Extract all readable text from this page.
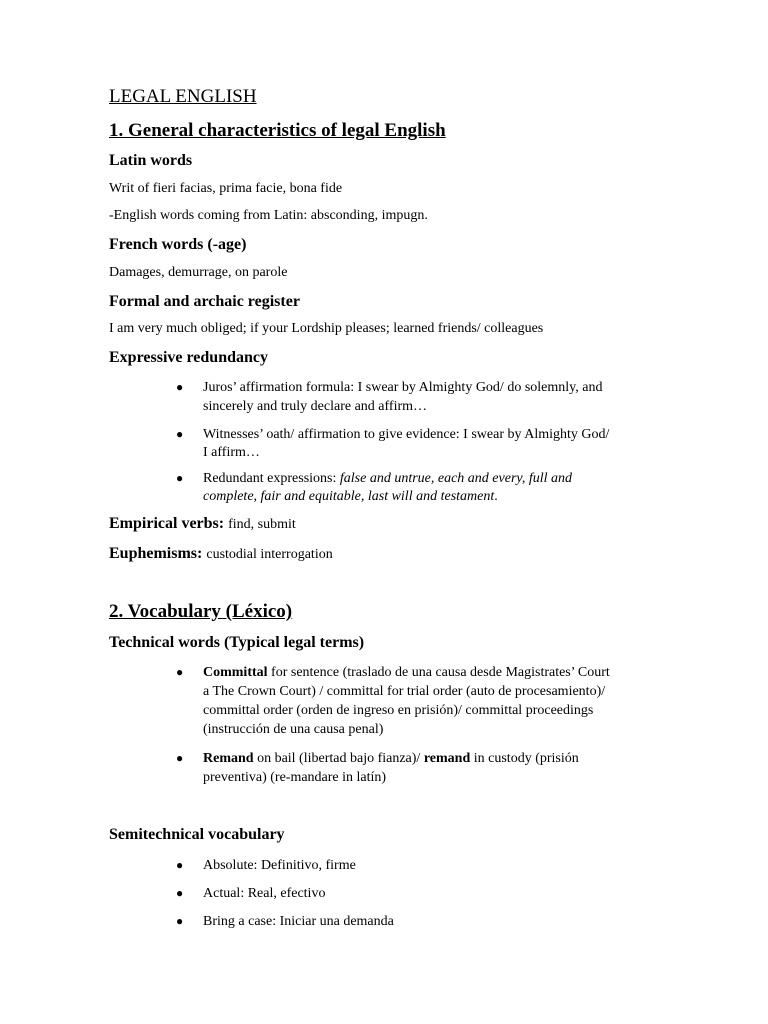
LEGAL ENGLISH
1. General characteristics of legal English
Latin words
Writ of fieri facias, prima facie, bona fide
-English words coming from Latin: absconding, impugn.
French words (-age)
Damages, demurrage, on parole
Formal and archaic register
I am very much obliged; if your Lordship pleases; learned friends/ colleagues
Expressive redundancy
● Juros’ affirmation formula: I swear by Almighty God/ do solemnly, and
sincerely and truly declare and affirm…
● Witnesses’ oath/ affirmation to give evidence: I swear by Almighty God/
I affirm…
● Redundant expressions: false and untrue, each and every, full and
complete, fair and equitable, last will and testament.
Empirical verbs: find, submit
Euphemisms: custodial interrogation
2. Vocabulary (Léxico)
Technical words (Typical legal terms)
● Committal for sentence (traslado de una causa desde Magistrates’ Court
a The Crown Court) / committal for trial order (auto de procesamiento)/
committal order (orden de ingreso en prisión)/ committal proceedings
(instrucción de una causa penal)
● Remand on bail (libertad bajo fianza)/ remand in custody (prisión
preventiva) (re-mandare in latín)
Semitechnical vocabulary
● Absolute: Definitivo, firme
● Actual: Real, efectivo
● Bring a case: Iniciar una demanda
